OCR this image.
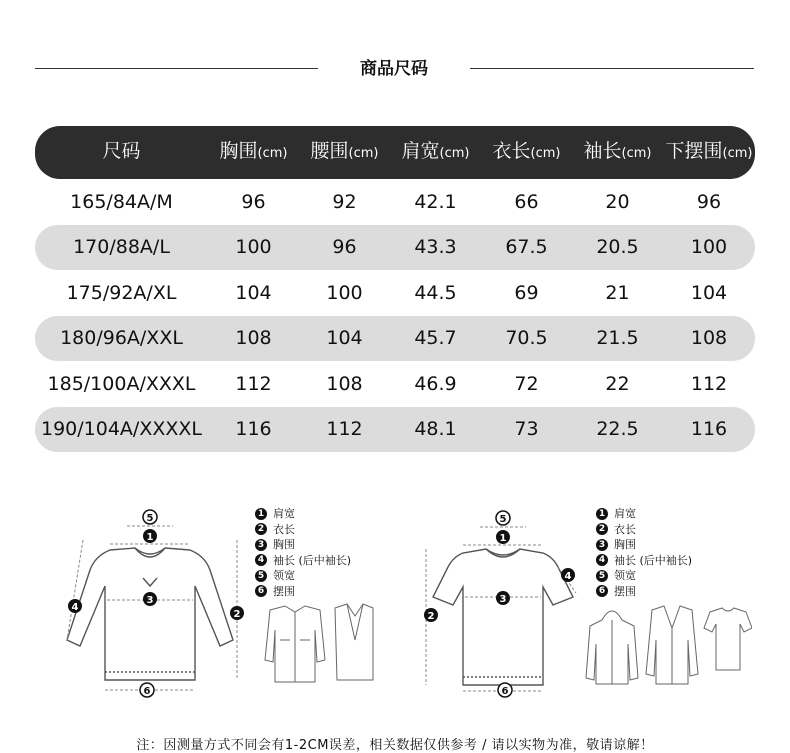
商品尺码
尺码	胸围(cm)	腰围(cm)	肩宽(cm)	衣长(cm)	袖长(cm)	下摆围(cm)
165/84A/M	96	92	42.1	66	20	96
170/88A/L	100	96	43.3	67.5	20.5	100
175/92A/XL	104	100	44.5	69	21	104
180/96A/XXL	108	104	45.7	70.5	21.5	108
185/100A/XXXL	112	108	46.9	72	22	112
190/104A/XXXXL	116	112	48.1	73	22.5	116
5
1
3
4
2
6
1 肩宽
2 衣长
3 胸围
4 袖长 (后中袖长)
5 领宽
6 摆围
5
1
4
3
2
6
1 肩宽
2 衣长
3 胸围
4 袖长 (后中袖长)
5 领宽
6 摆围
注：因测量方式不同会有1-2CM误差，相关数据仅供参考 / 请以实物为准，敬请谅解！
